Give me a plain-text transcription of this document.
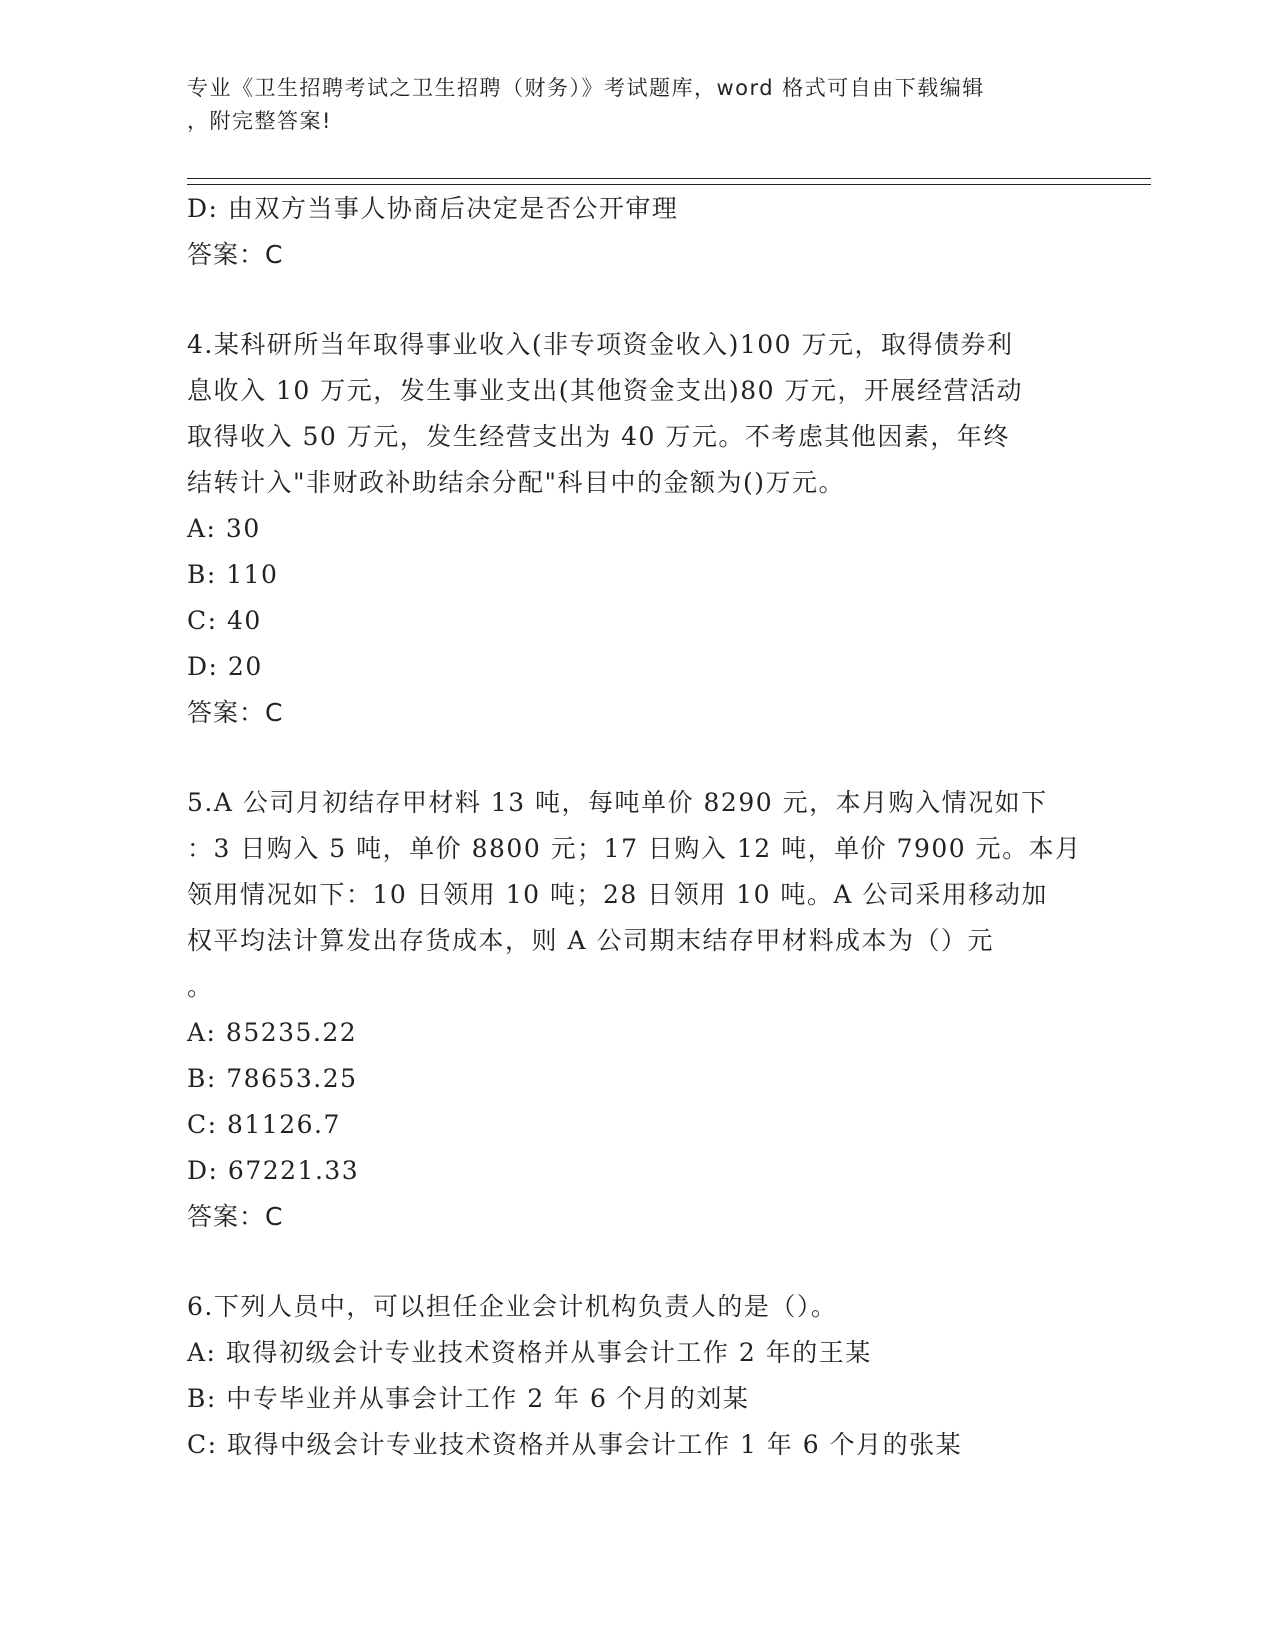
专业《卫生招聘考试之卫生招聘（财务）》考试题库，word 格式可自由下载编辑
，附完整答案!
D: 由双方当事人协商后决定是否公开审理
答案：C
4.某科研所当年取得事业收入(非专项资金收入)100 万元，取得债券利
息收入 10 万元，发生事业支出(其他资金支出)80 万元，开展经营活动
取得收入 50 万元，发生经营支出为 40 万元。不考虑其他因素，年终
结转计入"非财政补助结余分配"科目中的金额为()万元。
A: 30
B: 110
C: 40
D: 20
答案：C
5.A 公司月初结存甲材料 13 吨，每吨单价 8290 元，本月购入情况如下
：3 日购入 5 吨，单价 8800 元；17 日购入 12 吨，单价 7900 元。本月
领用情况如下：10 日领用 10 吨；28 日领用 10 吨。A 公司采用移动加
权平均法计算发出存货成本，则 A 公司期末结存甲材料成本为（）元
。
A: 85235.22
B: 78653.25
C: 81126.7
D: 67221.33
答案：C
6.下列人员中，可以担任企业会计机构负责人的是（）。
A: 取得初级会计专业技术资格并从事会计工作 2 年的王某
B: 中专毕业并从事会计工作 2 年 6 个月的刘某
C: 取得中级会计专业技术资格并从事会计工作 1 年 6 个月的张某
